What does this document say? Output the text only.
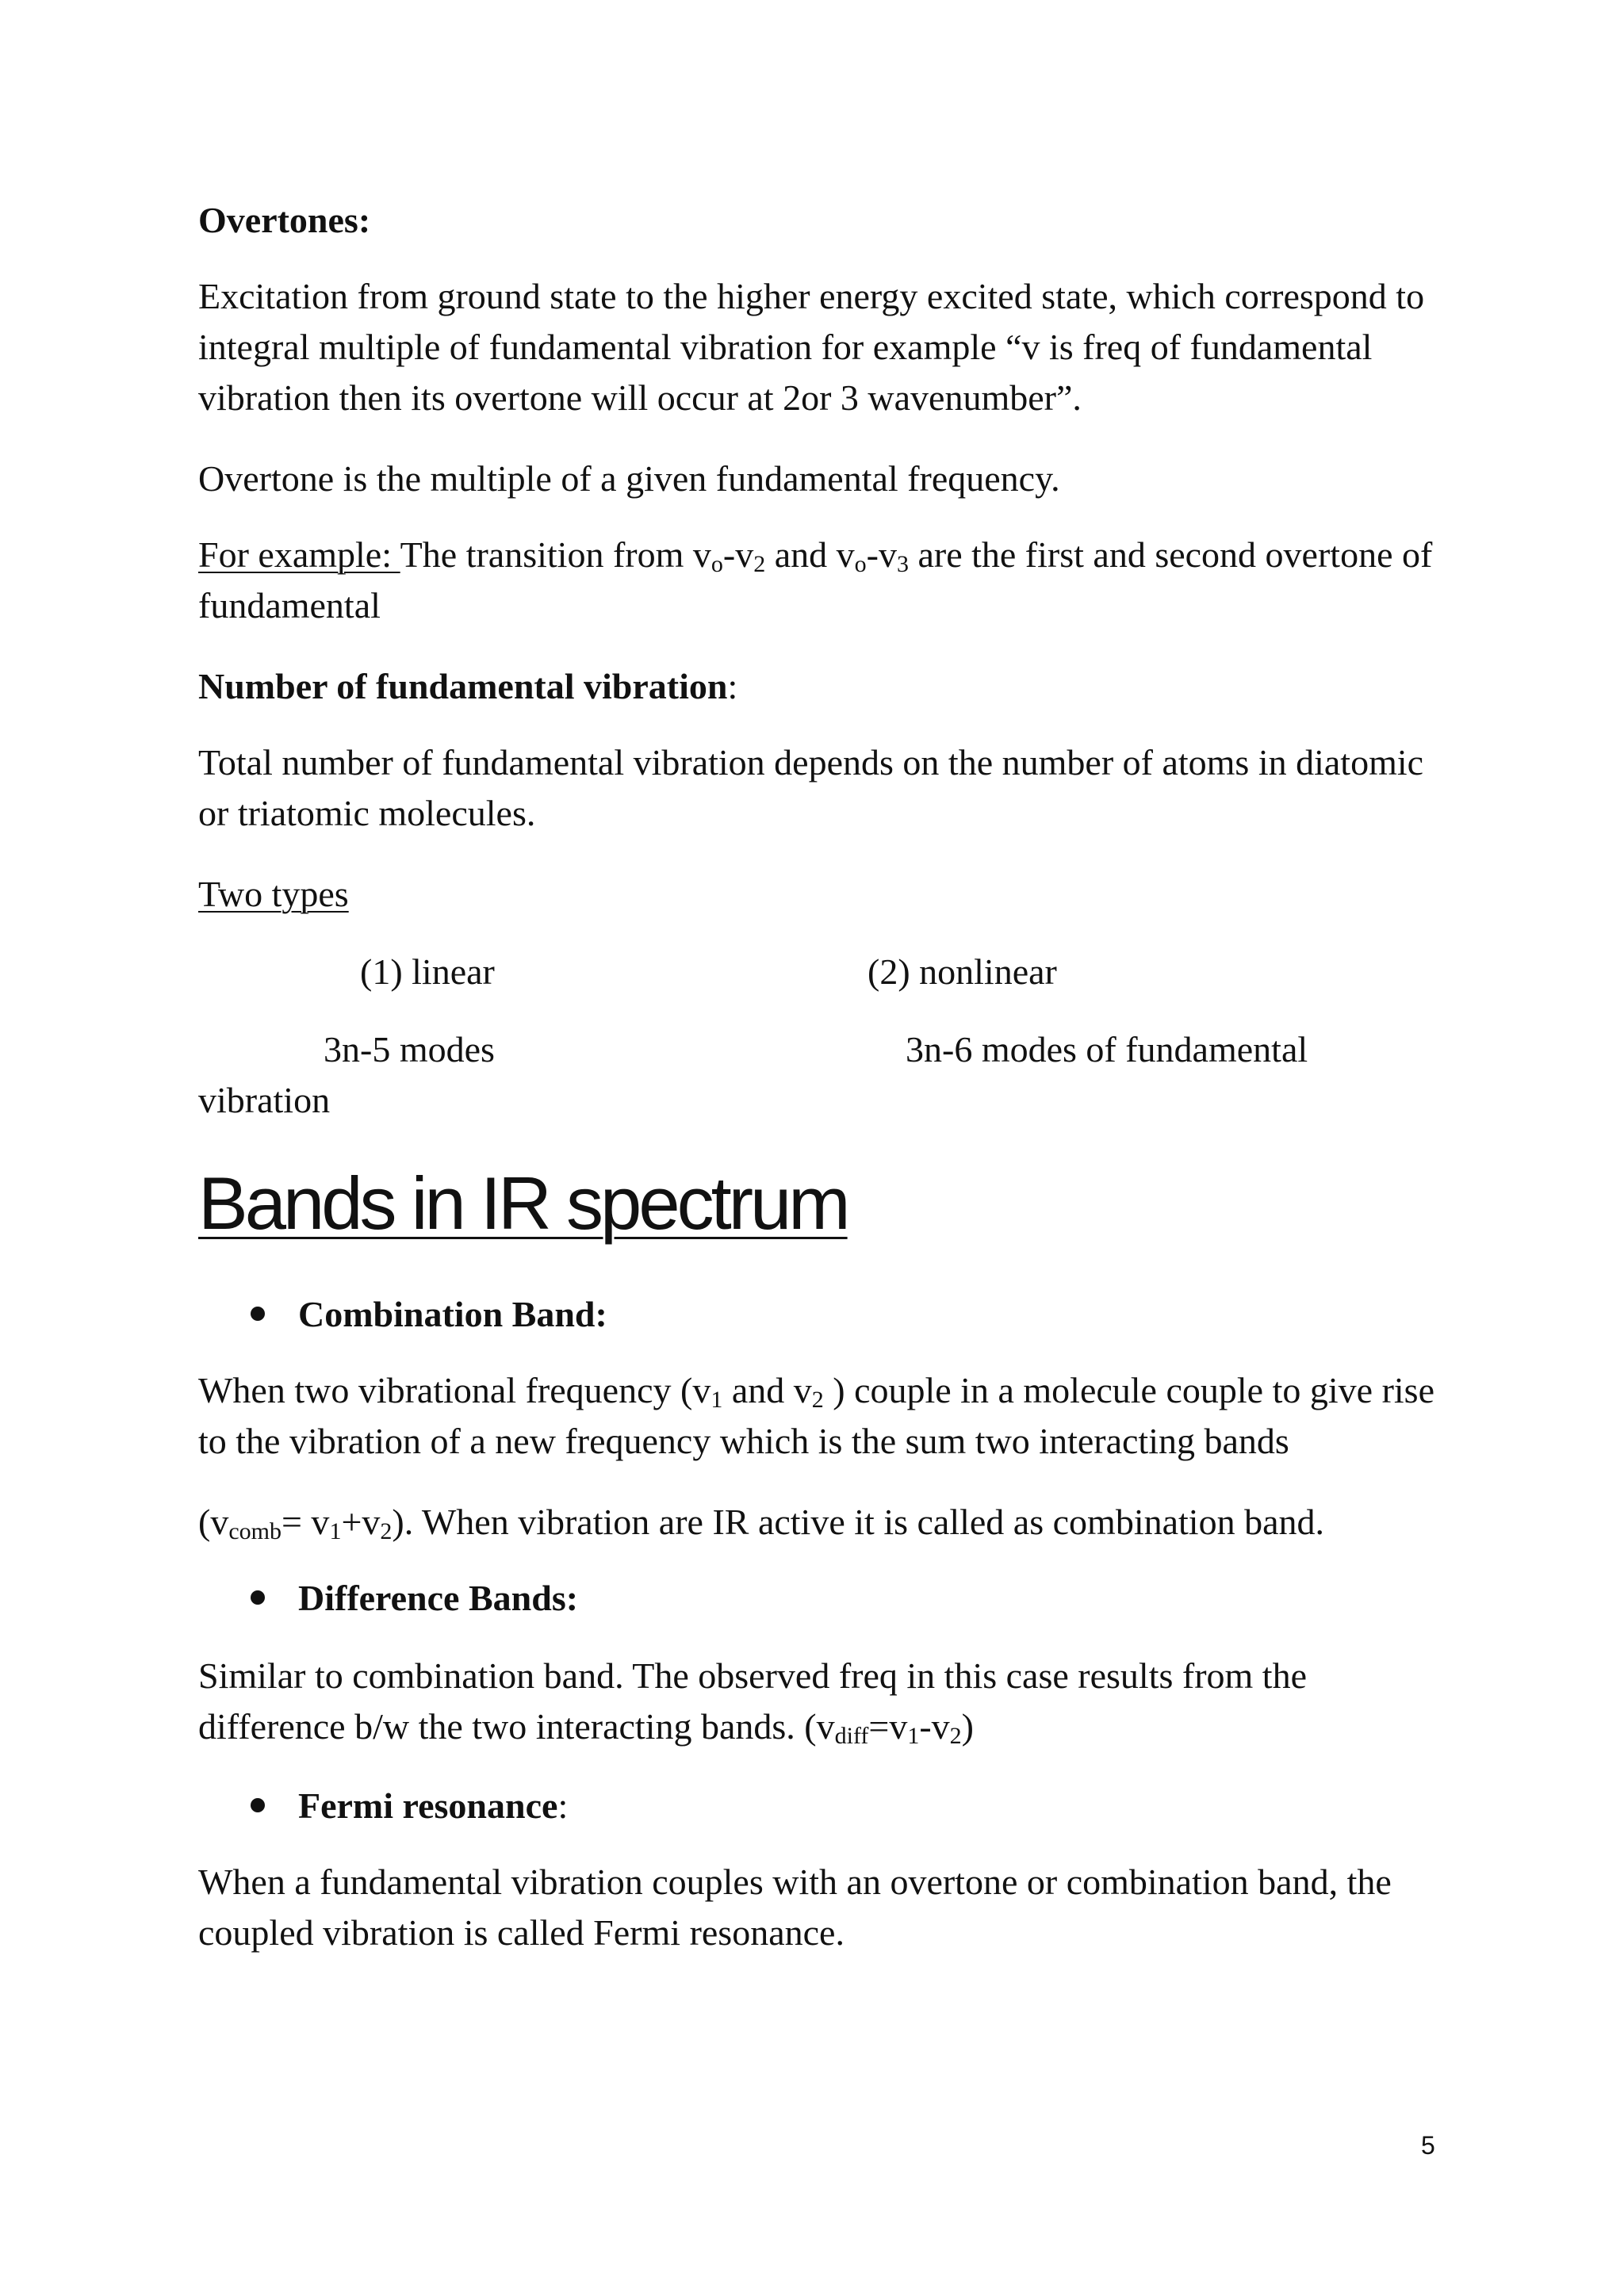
Overtones:

Excitation from ground state to the higher energy excited state, which correspond to integral multiple of fundamental vibration for example “v is freq of fundamental vibration then its overtone will occur at 2or 3 wavenumber”.

Overtone is the multiple of a given fundamental frequency.

For example: The transition from $v_o-v_2$ and $v_o-v_3$ are the first and second overtone of fundamental

Number of fundamental vibration:

Total number of fundamental vibration depends on the number of atoms in diatomic or triatomic molecules.

Two types

(1) linear	(2) nonlinear
3n-5 modes	3n-6 modes of fundamental
vibration
Bands in IR spectrum
Combination Band:

When two vibrational frequency ($v_1$ and $v_2$ ) couple in a molecule couple to give rise to the vibration of a new frequency which is the sum two interacting bands

$(v_{comb}= v_1+v_2)$. When vibration are IR active it is called as combination band.

Difference Bands:

Similar to combination band. The observed freq in this case results from the difference b/w the two interacting bands. $(v_{diff}=v_1-v_2)$

Fermi resonance:

When a fundamental vibration couples with an overtone or combination band, the coupled vibration is called Fermi resonance.

5
